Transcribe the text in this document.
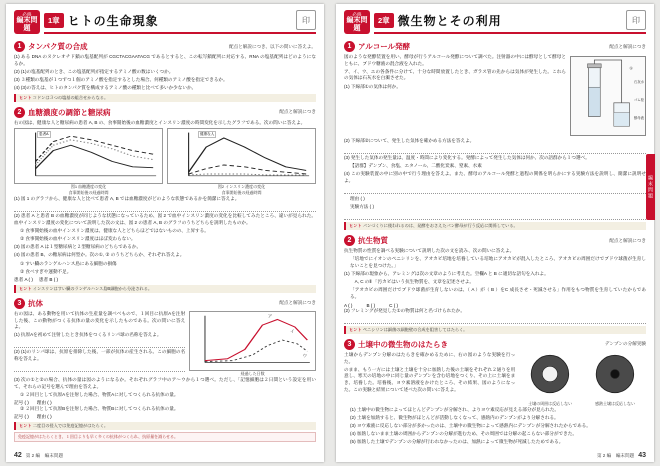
必修
編末問題
1章 ヒトの生命現象	印
1 タンパク質の合成	配点と解説につき、以下の問いに答えよ。

(1) ある DNA のヌクレオチド鎖の塩基配列が CGCTACGAATACG であるとすると、この転写鎖配列に対応する、RNA の塩基配列はどのようになるか。

(2) (1)の塩基配列のとき、この塩基配列が指定するアミノ酸の数はいくつか。

(3) ３種類の塩基が１つずつ１個のアミノ酸を指定するとした場合、何種類のアミノ酸を指定できるか。

(4) (3)の答えは、ヒトのタンパク質を構成するアミノ酸の種類と比べて多いか少ないか。

ヒント コドンは３つの塩基の組合せからなる。
2 血糖濃度の調節と糖尿病	配点と解説につき

右の図は、健康な人と糖尿病の患者 A, B の、食事開始後の血糖濃度とインスリン濃度の時間変化を示したグラフである。次の問いに答えよ。

患者A
図1 血糖濃度の変化
食事開始後の経過時間
健康な人
図2 インスリン濃度の変化
食事開始後の経過時間

(1) 図 1 のグラフから、健康な人と比べて患者 A, B では血糖濃度がどのような状態であるかを簡潔に答えよ。

(2) 患者 A と患者 B の血糖濃度が同じような状態になっているため、図 2 で血中インスリン濃度の変化を比較してみたところ、違いが見られた。血中インスリン濃度の変化について説明した次の文は、図 2 の患者 A, B のグラフのうちどちらを説明したものか。

① 食事開始後の血中インスリン濃度は、健康な人とどちらほどではないものの、上昇する。

② 食事開始後の血中インスリン濃度はほぼ変わらない。

(3) 図の患者 A は１型糖尿病と２型糖尿病のどちらであるか。

(4) 図の患者 B、の糖尿病は何型か。次の①, ② のうちどちらか、それぞれ答えよ。

① すい臓のランゲルハンス島にある細胞の損傷

② 食べすぎや運動不足。

患者 A ( ) 患者 B ( )
ヒント インスリンはすい臓のランゲルハンス島B細胞から分泌される。
3 抗体	配点と解説につき

右の図は、ある動物を用いて抗体の生産量を調べべもので、１回目に抗原Aを注射した後、この動物がつくる抗体の量の変化を示したものである。次の問いに答えよ。

(1) 抗原Aを初めて注射したとき抗体をつくるリンパ球の名称を答えよ。

(2) (1)のリンパ球は、抗原を排除した後、一部が抗体の産生される。この細胞の名称を答えよ。

ア
イ
ウ
経過した日数

(3) 次の①と②の場合、抗体の量は図のようになるか。それぞれグラフ中のア〜ウから１つ選べ。ただし、「記憶細胞は２日間という設定を用いて、それらの記号を選んで理由を答えよ。

① ２回目として抗原Aを注射した場合、物質Aに対してつくられる抗体の量。

記号 ( ) 理由 ( )

② ２回目として抗原Bを注射した場合、物質Bに対してつくられる抗体の量。

記号 ( ) 理由 ( )
ヒント 二度目の侵入では免疫記憶がはたらく。
免疫記憶がはたらくとき、１回目よりも早く多くの抗体がつくられ、抗原量を減らせる。
42 第 2 編　編末問題
必修
編末問題
2章 微生物とその利用	印
1 アルコール発酵	配点と解説につき

図のような発酵装置を用い、酵母が行うアルコール発酵について調べた。注射器の中には酵母として酵母とともに、ブドウ糖液の混合液を入れた。

ア、イ、ウ、エの各条件に分けて、十分な時間放置したとき、ガラス管の先からは気体が発生した。これらの気体は石灰水を白濁させた。

(1) 下線部①の気体は何か。

①
石灰水
ゴム栓
酵母液

(2) 下線部②について、発生した気体を確かめる方法を答えよ。

(3) 発生した気体の発生量は、温度・時間により変化する。発酵によって発生した気体は何か、次の語群から１つ選べ。

【語群】デンプン、食塩、エタノール、二酸化炭素、窒素、水素

(4) この実験装置の中に別の中で行う理由を答えよ。また、酵母のアルコール発酵と過程の関係を明らかにする実験方法を説明し、簡潔に説明せよ。

理由 ( )

実験方法 ( )

ヒント パンづくりに使われるのは、発酵をおさえたパン酵母が行う反応に関係している。
2 抗生物質	配点と解説につき

抗生物質の性質を調べる実験について説明した次の文を読み、次の問いに答えよ。

「培地でにイオンのペニシリンを、アオカビ培地を培養している培地にアオカビが混入したところ、アオカビの周囲だけでブドウ球菌が生育しないことを見つけた。」

(1) 下線部の現象から、アレミングは次の文章のように考えた。空欄A と B に適切な語句を入れよ。

　A, C のⅡ 「汚カビはいう抗生物質を、文章を記述させよ。

「アオカビの周囲だけでブドウ球菌が生育しないのは、（ A ）が（ B ）をC 成長させ・死滅させる」作用をもつ物質を生育していたからである。

A ( )	B ( )	C ( )

(2) フレミングが発見した①の物質は何と名づけられたか。

ヒント ペニシリンは細菌の細胞壁の合成を阻害してはたらく。
3 土壌中の微生物のはたらき	デンプンの分解実験

土壌からデンプン分解のはたらきを確かめるために、右の図のような実験を行った。

のまま、もう一方には土壌と土壌を十分に加熱した後の土壌をそれぞれ２通りを用意し、寒天の培地の中に同じ量のデンプンを含む培地をつくり、その上に土壌をまき、培養した。培養後、ヨウ素溶液をかけたところ、その結果、図のようになった。この実験と結果について述べた次の問いに答えよ。

土壌の周囲は反応しない	感熱土壌は反応しない

(1) 土壌中の微生物によってほとんどデンプンが分解され、よりヨウ素反応が見える部分が見られた。

(2) 土壌を加熱すると、微生物がほとんどが活動しなくなって、感熱内のデンプンがより分解される。

(3) ヨウ素液に反応しない部分が多かったのは、土壌中の微生物によって感熱内にデンプンが分解されたからである。

(4) 加熱しないまま土壌の周囲からデンプンの分解が進むため、その周囲では分解の起こらない部分ができた。

(5) 加熱した土壌でデンプンの分解が行われなかったのは、加熱によって微生物が死滅したためである。

編末問題
第 2 編　編末問題 43
